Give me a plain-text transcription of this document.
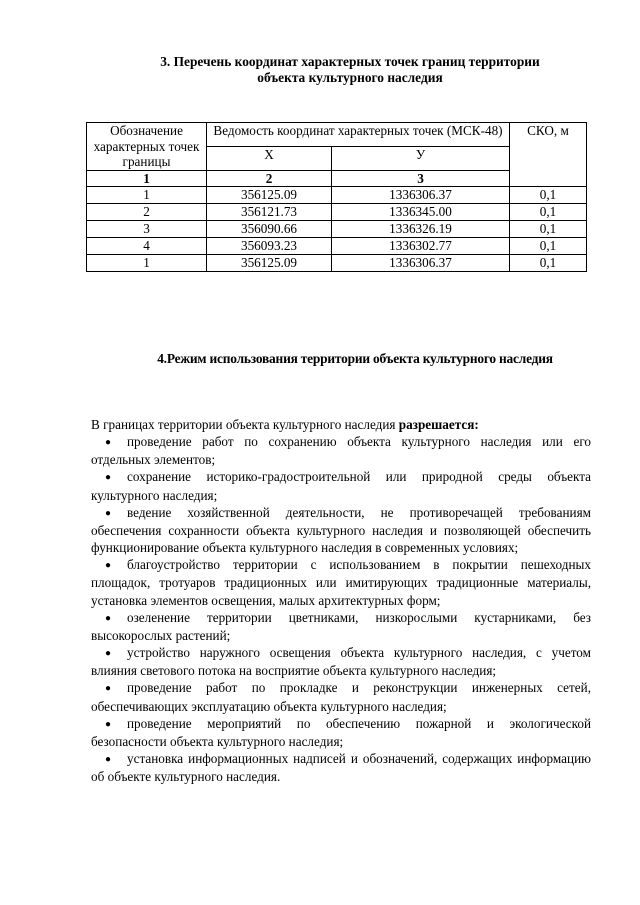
3. Перечень координат характерных точек границ территории
объекта культурного наследия
Обозначение характерных точек границы	Ведомость координат характерных точек (МСК-48)		СКО, м
	Х	У	
1	2	3	
1	356125.09	1336306.37	0,1
2	356121.73	1336345.00	0,1
3	356090.66	1336326.19	0,1
4	356093.23	1336302.77	0,1
1	356125.09	1336306.37	0,1
4.Режим использования территории объекта культурного наследия

В границах территории объекта культурного наследия разрешается:

● проведение работ по сохранению объекта культурного наследия или его отдельных элементов;
● сохранение историко-градостроительной или природной среды объекта культурного наследия;
● ведение хозяйственной деятельности, не противоречащей требованиям обеспечения сохранности объекта культурного наследия и позволяющей обеспечить функционирование объекта культурного наследия в современных условиях;
● благоустройство территории с использованием в покрытии пешеходных площадок, тротуаров традиционных или имитирующих традиционные материалы, установка элементов освещения, малых архитектурных форм;
● озеленение территории цветниками, низкорослыми кустарниками, без высокорослых растений;
● устройство наружного освещения объекта культурного наследия, с учетом влияния светового потока на восприятие объекта культурного наследия;
● проведение работ по прокладке и реконструкции инженерных сетей, обеспечивающих эксплуатацию объекта культурного наследия;
● проведение мероприятий по обеспечению пожарной и экологической безопасности объекта культурного наследия;
● установка информационных надписей и обозначений, содержащих информацию об объекте культурного наследия.
